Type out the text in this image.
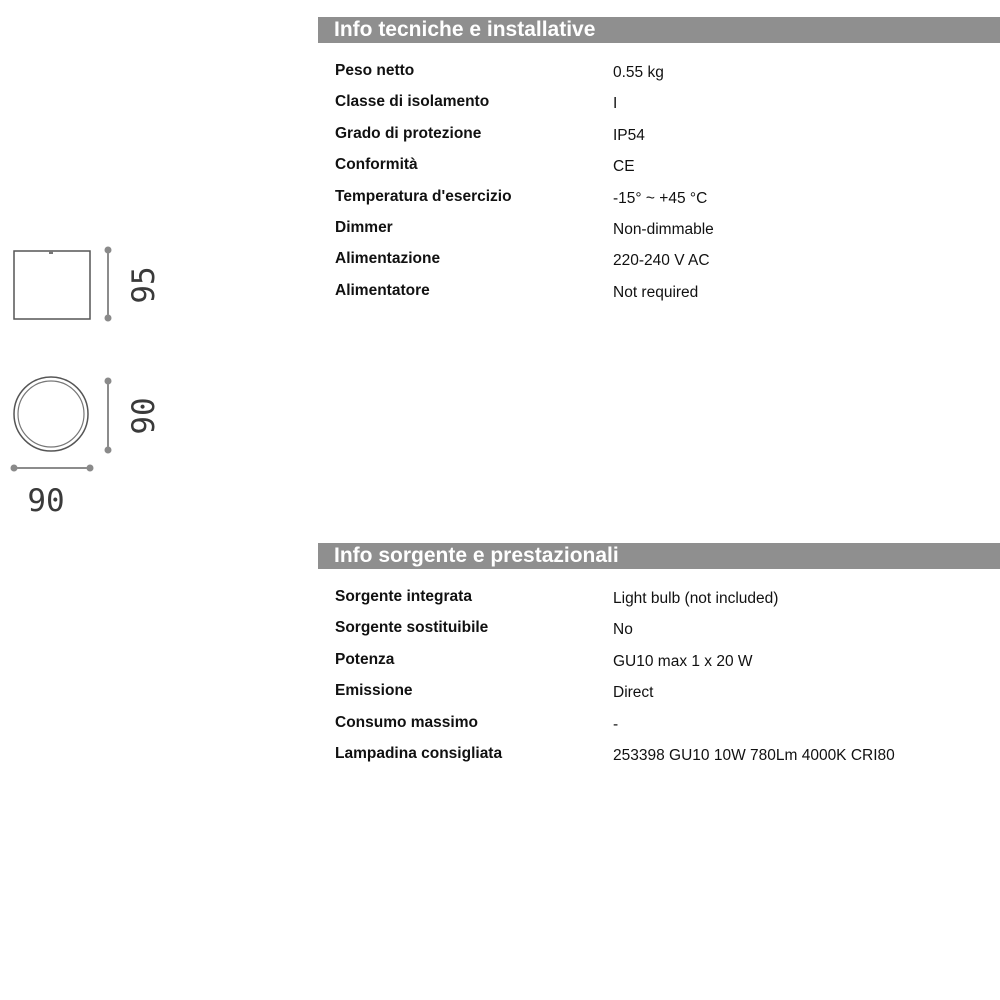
95
90
90
Info tecniche e installative
Peso netto	0.55 kg
Classe di isolamento	I
Grado di protezione	IP54
Conformità	CE
Temperatura d'esercizio	-15° ~ +45 °C
Dimmer	Non-dimmable
Alimentazione	220-240 V AC
Alimentatore	Not required
Info sorgente e prestazionali
Sorgente integrata	Light bulb (not included)
Sorgente sostituibile	No
Potenza	GU10 max 1 x 20 W
Emissione	Direct
Consumo massimo	-
Lampadina consigliata	253398 GU10 10W 780Lm 4000K CRI80
